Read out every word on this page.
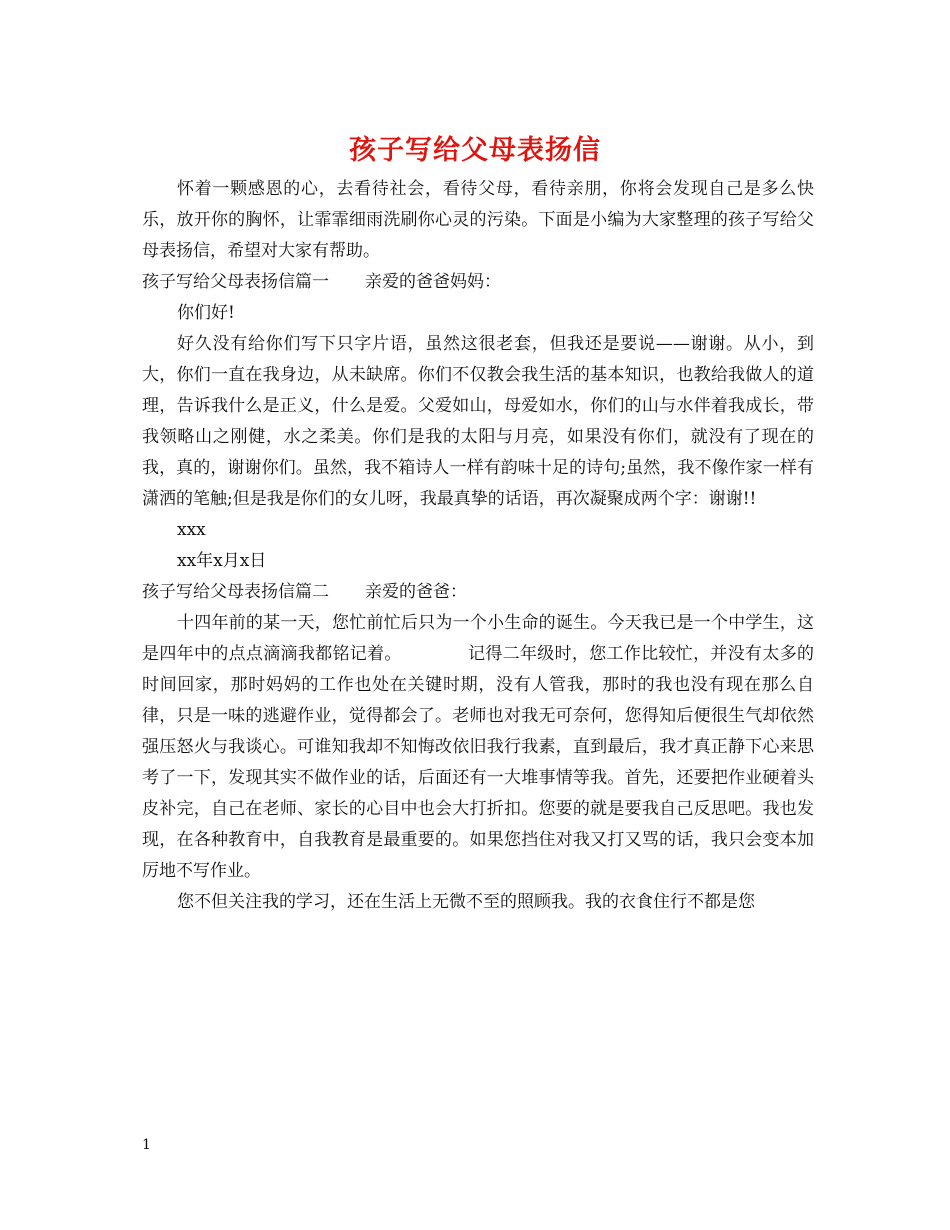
孩子写给父母表扬信

怀着一颗感恩的心，去看待社会，看待父母，看待亲朋，你将会发现自己是多么快乐，放开你的胸怀，让霏霏细雨洗刷你心灵的污染。下面是小编为大家整理的孩子写给父母表扬信，希望对大家有帮助。

孩子写给父母表扬信篇一 亲爱的爸爸妈妈：

你们好!

好久没有给你们写下只字片语，虽然这很老套，但我还是要说——谢谢。从小，到大，你们一直在我身边，从未缺席。你们不仅教会我生活的基本知识，也教给我做人的道理，告诉我什么是正义，什么是爱。父爱如山，母爱如水，你们的山与水伴着我成长，带我领略山之刚健，水之柔美。你们是我的太阳与月亮，如果没有你们，就没有了现在的我，真的，谢谢你们。虽然，我不箱诗人一样有韵味十足的诗句;虽然，我不像作家一样有潇洒的笔触;但是我是你们的女儿呀，我最真挚的话语，再次凝聚成两个字：谢谢!!

xxx

xx年x月x日

孩子写给父母表扬信篇二 亲爱的爸爸：

十四年前的某一天，您忙前忙后只为一个小生命的诞生。今天我已是一个中学生，这是四年中的点点滴滴我都铭记着。	记得二年级时，您工作比较忙，并没有太多的时间回家，那时妈妈的工作也处在关键时期，没有人管我，那时的我也没有现在那么自律，只是一味的逃避作业，觉得都会了。老师也对我无可奈何，您得知后便很生气却依然强压怒火与我谈心。可谁知我却不知悔改依旧我行我素，直到最后，我才真正静下心来思考了一下，发现其实不做作业的话，后面还有一大堆事情等我。首先，还要把作业硬着头皮补完，自己在老师、家长的心目中也会大打折扣。您要的就是要我自己反思吧。我也发现，在各种教育中，自我教育是最重要的。如果您挡住对我又打又骂的话，我只会变本加厉地不写作业。

您不但关注我的学习，还在生活上无微不至的照顾我。我的衣食住行不都是您

1
